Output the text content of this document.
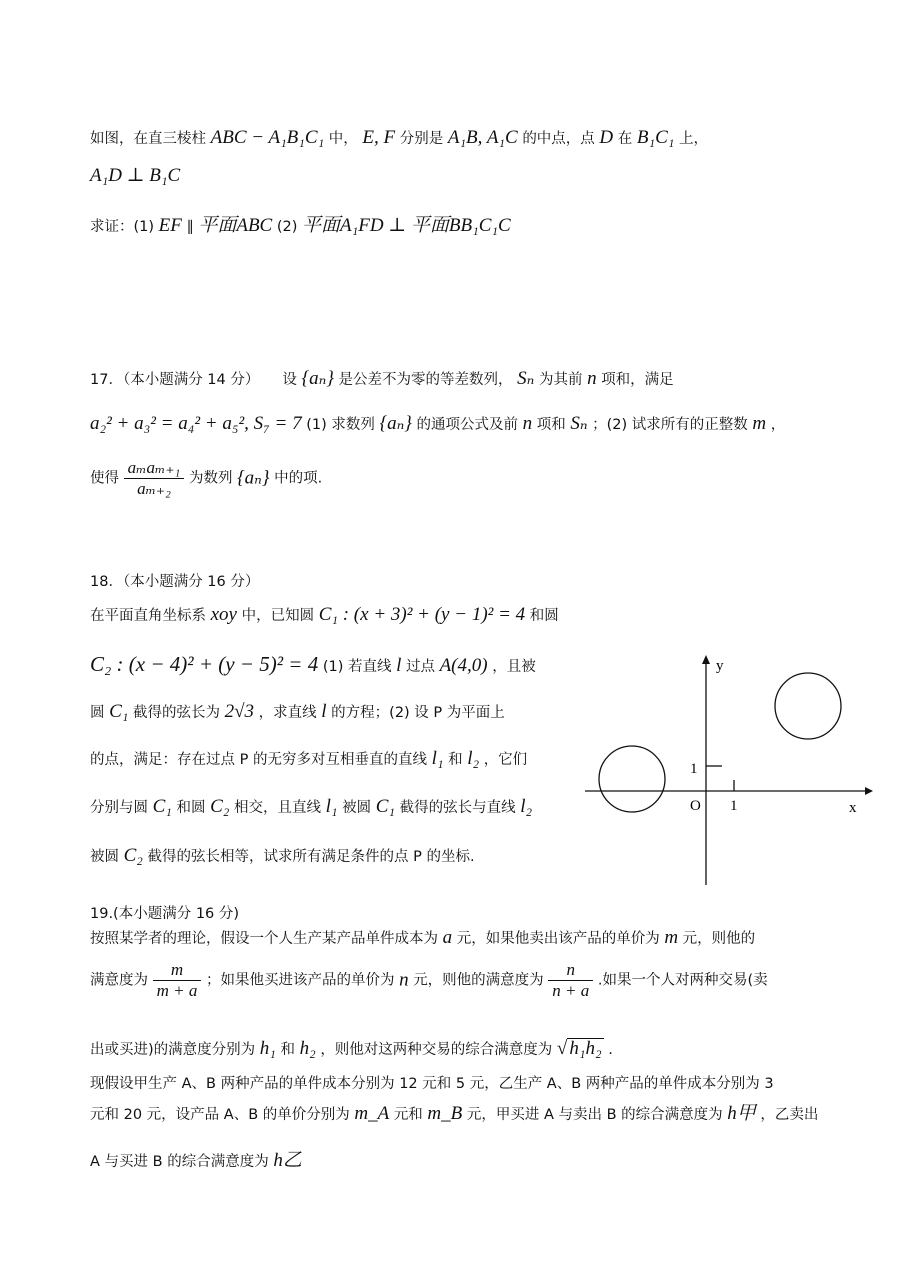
如图，在直三棱柱 ABC − A₁B₁C₁ 中， E, F 分别是 A₁B, A₁C 的中点，点 D 在 B₁C₁ 上，
A₁D ⊥ B₁C
求证：(1) EF ∥ 平面ABC (2) 平面A₁FD ⊥ 平面BB₁C₁C
17．（本小题满分 14 分） 设 {aₙ} 是公差不为零的等差数列， Sₙ 为其前 n 项和，满足
a₂² + a₃² = a₄² + a₅², S₇ = 7 (1) 求数列 {aₙ} 的通项公式及前 n 项和 Sₙ ；(2) 试求所有的正整数 m ，
使得 $\frac{\text{aₘaₘ₊₁}}{\text{aₘ₊₂}}$ 为数列 {aₙ} 中的项.
18．（本小题满分 16 分）
在平面直角坐标系 xoy 中，已知圆 C₁ : (x + 3)² + (y − 1)² = 4 和圆
C₂ : (x − 4)² + (y − 5)² = 4 (1) 若直线 l 过点 A(4,0) ，且被
圆 C₁ 截得的弦长为 2√3 ，求直线 l 的方程；(2) 设 P 为平面上
的点，满足：存在过点 P 的无穷多对互相垂直的直线 l₁ 和 l₂ ，它们
分别与圆 C₁ 和圆 C₂ 相交，且直线 l₁ 被圆 C₁ 截得的弦长与直线 l₂
被圆 C₂ 截得的弦长相等，试求所有满足条件的点 P 的坐标.
y
x
O 1
1
19.(本小题满分 16 分)
按照某学者的理论，假设一个人生产某产品单件成本为 a 元，如果他卖出该产品的单价为 m 元，则他的
满意度为 $\frac{m}{m + a}$ ；如果他买进该产品的单价为 n 元，则他的满意度为 $\frac{n}{n + a}$ .如果一个人对两种交易(卖
出或买进)的满意度分别为 h₁ 和 h₂ ，则他对这两种交易的综合满意度为 √ h₁h₂ .
现假设甲生产 A、B 两种产品的单件成本分别为 12 元和 5 元，乙生产 A、B 两种产品的单件成本分别为 3
元和 20 元，设产品 A、B 的单价分别为 m_A 元和 m_B 元，甲买进 A 与卖出 B 的综合满意度为 h甲 ，乙卖出
A 与买进 B 的综合满意度为 h乙
